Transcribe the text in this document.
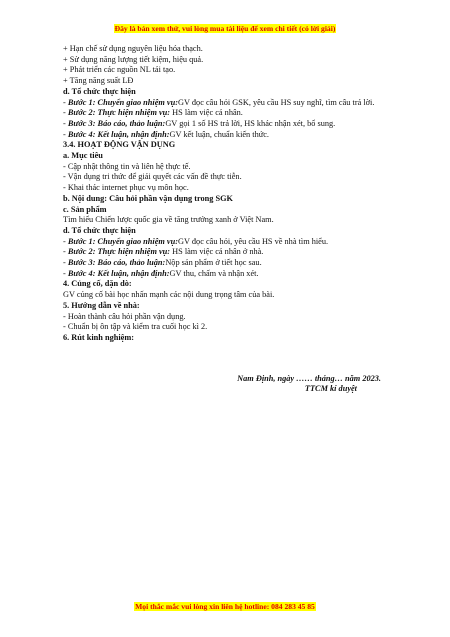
Đây là bản xem thử, vui lòng mua tài liệu để xem chi tiết (có lời giải)
+ Hạn chế sử dụng nguyên liệu hóa thạch.
+ Sử dụng năng lượng tiết kiệm, hiệu quả.
+ Phát triển các nguồn NL tái tạo.
+ Tăng năng suất LĐ
d. Tổ chức thực hiện
- Bước 1: Chuyển giao nhiệm vụ:GV đọc câu hỏi GSK, yêu cầu HS suy nghĩ, tìm câu trả lời.
- Bước 2: Thực hiện nhiệm vụ: HS làm việc cá nhân.
- Bước 3: Báo cáo, thảo luận:GV gọi 1 số HS trả lời, HS khác nhận xét, bổ sung.
- Bước 4: Kết luận, nhận định:GV kết luận, chuẩn kiến thức.
3.4. HOẠT ĐỘNG VẬN DỤNG
a. Mục tiêu
- Cập nhật thông tin và liên hệ thực tế.
- Vận dụng tri thức để giải quyết các vấn đề thực tiễn.
- Khai thác internet phục vụ môn học.
b. Nội dung: Câu hỏi phần vận dụng trong SGK
c. Sản phẩm
Tìm hiểu Chiến lược quốc gia về tăng trưởng xanh ở Việt Nam.
d. Tổ chức thực hiện
- Bước 1: Chuyển giao nhiệm vụ:GV đọc câu hỏi, yêu cầu HS về nhà tìm hiểu.
- Bước 2: Thực hiện nhiệm vụ: HS làm việc cá nhân ở nhà.
- Bước 3: Báo cáo, thảo luận:Nộp sản phẩm ở tiết học sau.
- Bước 4: Kết luận, nhận định:GV thu, chấm và nhận xét.
4. Củng cố, dặn dò:
GV củng cố bài học nhấn mạnh các nội dung trọng tâm của bài.
5. Hướng dẫn về nhà:
- Hoàn thành câu hỏi phần vận dụng.
- Chuẩn bị ôn tập và kiểm tra cuối học kì 2.
6. Rút kinh nghiệm:
Nam Định, ngày …… tháng… năm 2023.
TTCM kí duyệt
Mọi thắc mắc vui lòng xin liên hệ hotline: 084 283 45 85
